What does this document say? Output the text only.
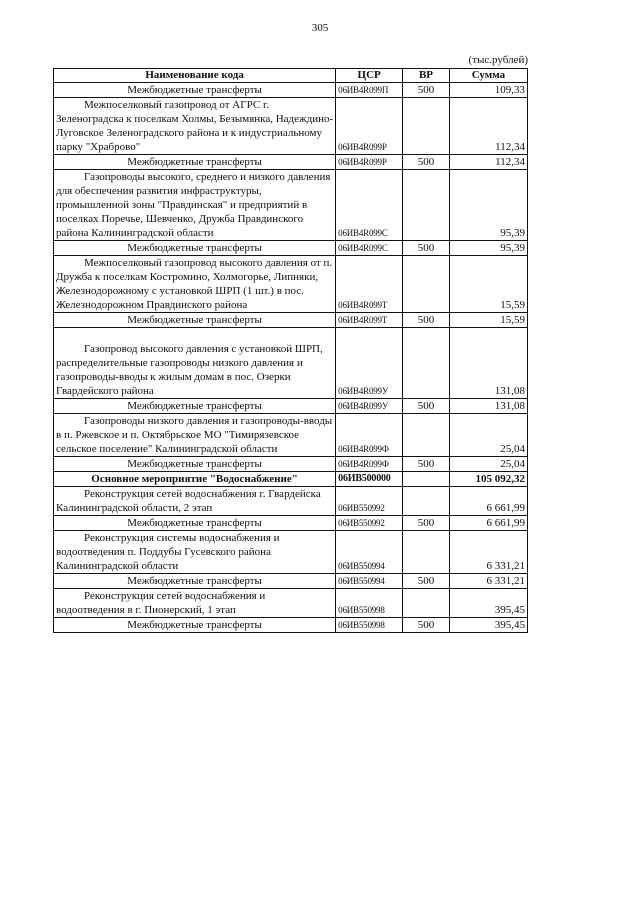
305
(тыс.рублей)
Наименование кода	ЦСР	ВР	Сумма
Межбюджетные трансферты	06ИВ4R099П	500	109,33
Межпоселковый газопровод от АГРС г. Зеленоградска к поселкам Холмы, Безымянка, Надеждино-Луговское Зеленоградского района и к индустриальному парку "Храброво"	06ИВ4R099Р		112,34
Межбюджетные трансферты	06ИВ4R099Р	500	112,34
Газопроводы высокого, среднего и низкого давления для обеспечения развития инфраструктуры, промышленной зоны "Правдинская" и предприятий в поселках Поречье, Шевченко, Дружба Правдинского района Калининградской области	06ИВ4R099С		95,39
Межбюджетные трансферты	06ИВ4R099С	500	95,39
Межпоселковый газопровод высокого давления от п. Дружба к поселкам Костромино, Холмогорье, Липняки, Железнодорожному с установкой ШРП (1 шт.) в пос. Железнодорожном Правдинского района	06ИВ4R099Т		15,59
Межбюджетные трансферты	06ИВ4R099Т	500	15,59
Газопровод высокого давления с установкой ШРП, распределительные газопроводы низкого давления и газопроводы-вводы к жилым домам в пос. Озерки Гвардейского района	06ИВ4R099У		131,08
Межбюджетные трансферты	06ИВ4R099У	500	131,08
Газопроводы низкого давления и газопроводы-вводы в п. Ржевское и п. Октябрьское МО "Тимирязевское сельское поселение" Калининградской области	06ИВ4R099Ф		25,04
Межбюджетные трансферты	06ИВ4R099Ф	500	25,04
Основное мероприятие "Водоснабжение"	06ИВ500000		105 092,32
Реконструкция сетей водоснабжения г. Гвардейска Калининградской области, 2 этап	06ИВ550992		6 661,99
Межбюджетные трансферты	06ИВ550992	500	6 661,99
Реконструкция системы водоснабжения и водоотведения п. Поддубы Гусевского района Калининградской области	06ИВ550994		6 331,21
Межбюджетные трансферты	06ИВ550994	500	6 331,21
Реконструкция сетей водоснабжения и водоотведения в г. Пионерский, 1 этап	06ИВ550998		395,45
Межбюджетные трансферты	06ИВ550998	500	395,45
